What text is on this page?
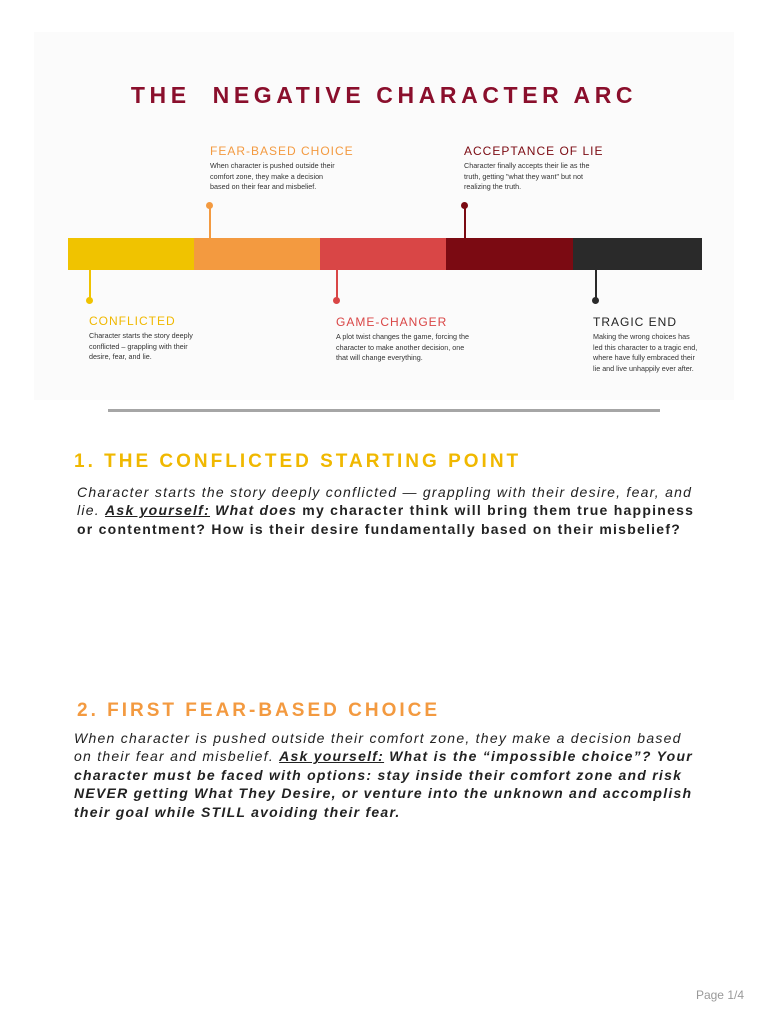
THE  NEGATIVE CHARACTER ARC
CONFLICTED
Character starts the story deeply
conflicted – grappling with their
desire, fear, and lie.
FEAR-BASED CHOICE
When character is pushed outside their
comfort zone, they make a decision
based on their fear and misbelief.
GAME-CHANGER
A plot twist changes the game, forcing the
character to make another decision, one
that will change everything.
ACCEPTANCE OF LIE
Character finally accepts their lie as the
truth, getting "what they want" but not
realizing the truth.
TRAGIC END
Making the wrong choices has
led this character to a tragic end,
where have fully embraced their
lie and live unhappily ever after.
1. THE CONFLICTED STARTING POINT
Character starts the story deeply conflicted — grappling with their desire, fear, and lie. Ask yourself: What does my character think will bring them true happiness or contentment? How is their desire fundamentally based on their misbelief?
2. FIRST FEAR-BASED CHOICE
When character is pushed outside their comfort zone, they make a decision based on their fear and misbelief. Ask yourself: What is the “impossible choice”? Your character must be faced with options: stay inside their comfort zone and risk NEVER getting What They Desire, or venture into the unknown and accomplish their goal while STILL avoiding their fear.
Page 1/4
